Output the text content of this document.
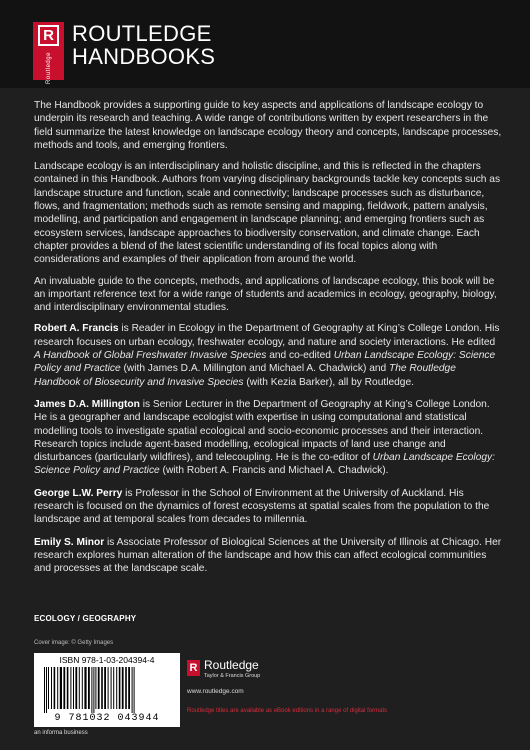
R
Routledge
ROUTLEDGE
HANDBOOKS

The Handbook provides a supporting guide to key aspects and applications of landscape ecology to underpin its research and teaching. A wide range of contributions written by expert researchers in the field summarize the latest knowledge on landscape ecology theory and concepts, landscape processes, methods and tools, and emerging frontiers.

Landscape ecology is an interdisciplinary and holistic discipline, and this is reflected in the chapters contained in this Handbook. Authors from varying disciplinary backgrounds tackle key concepts such as landscape structure and function, scale and connectivity; landscape processes such as disturbance, flows, and fragmentation; methods such as remote sensing and mapping, fieldwork, pattern analysis, modelling, and participation and engagement in landscape planning; and emerging frontiers such as ecosystem services, landscape approaches to biodiversity conservation, and climate change. Each chapter provides a blend of the latest scientific understanding of its focal topics along with considerations and examples of their application from around the world.

An invaluable guide to the concepts, methods, and applications of landscape ecology, this book will be an important reference text for a wide range of students and academics in ecology, geography, biology, and interdisciplinary environmental studies.

Robert A. Francis is Reader in Ecology in the Department of Geography at King’s College London. His research focuses on urban ecology, freshwater ecology, and nature and society interactions. He edited A Handbook of Global Freshwater Invasive Species and co-edited Urban Landscape Ecology: Science Policy and Practice (with James D.A. Millington and Michael A. Chadwick) and The Routledge Handbook of Biosecurity and Invasive Species (with Kezia Barker), all by Routledge.

James D.A. Millington is Senior Lecturer in the Department of Geography at King’s College London. He is a geographer and landscape ecologist with expertise in using computational and statistical modelling tools to investigate spatial ecological and socio-economic processes and their interaction. Research topics include agent-based modelling, ecological impacts of land use change and disturbances (particularly wildfires), and telecoupling. He is the co-editor of Urban Landscape Ecology: Science Policy and Practice (with Robert A. Francis and Michael A. Chadwick).

George L.W. Perry is Professor in the School of Environment at the University of Auckland. His research is focused on the dynamics of forest ecosystems at spatial scales from the population to the landscape and at temporal scales from decades to millennia.

Emily S. Minor is Associate Professor of Biological Sciences at the University of Illinois at Chicago. Her research explores human alteration of the landscape and how this can affect ecological communities and processes at the landscape scale.

ECOLOGY / GEOGRAPHY
Cover image: © Getty Images
ISBN 978-1-03-204394-4
9 781032 043944
an informa business
R Routledge
Taylor & Francis Group
www.routledge.com
Routledge titles are available as eBook editions in a range of digital formats
